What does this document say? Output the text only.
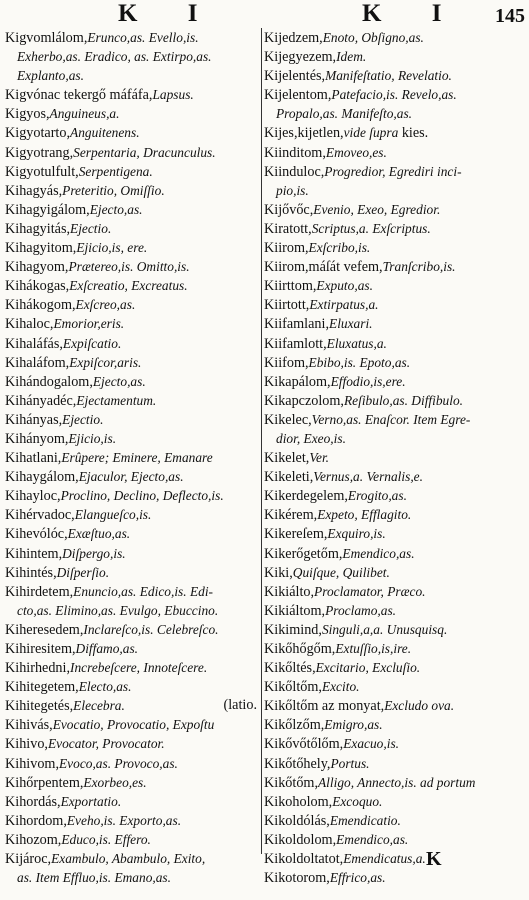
K I	K I 145
Kigvomlálom,Erunco,as. Evello,is.
Exherbo,as. Eradico, as. Extirpo,as.
Explanto,as.
Kigvónac tekergő máfáfa,Lapsus.
Kigyos,Anguineus,a.
Kigyotarto,Anguitenens.
Kigyotrang,Serpentaria, Dracunculus.
Kigyotulfult,Serpentigena.
Kihagyás,Preteritio, Omiſſio.
Kihagyigálom,Ejecto,as.
Kihagyitás,Ejectio.
Kihagyitom,Ejicio,is, ere.
Kihagyom,Prætereo,is. Omitto,is.
Kihákogas,Exſcreatio, Excreatus.
Kihákogom,Exſcreo,as.
Kihaloc,Emorior,eris.
Kihaláfás,Expiſcatio.
Kihaláfom,Expiſcor,aris.
Kihándogalom,Ejecto,as.
Kihányadéc,Ejectamentum.
Kihányas,Ejectio.
Kihányom,Ejicio,is.
Kihatlani,Erûpere; Eminere, Emanare
Kihaygálom,Ejaculor, Ejecto,as.
Kihayloc,Proclino, Declino, Deflecto,is.
Kihérvadoc,Elangueſco,is.
Kihevólóc,Exæſtuo,as.
Kihintem,Diſpergo,is.
Kihintés,Diſperſio.
Kihirdetem,Enuncio,as. Edico,is. Edi-
cto,as. Elimino,as. Evulgo, Ebuccino.
Kiheresedem,Inclareſco,is. Celebreſco.
Kihiresitem,Diffamo,as.
Kihirhedni,Increbeſcere, Innoteſcere.
Kihitegetem,Electo,as.
Kihitegetés,Elecebra.	(latio.
Kihivás,Evocatio, Provocatio, Expoſtu
Kihivo,Evocator, Provocator.
Kihivom,Evoco,as. Provoco,as.
Kihőrpentem,Exorbeo,es.
Kihordás,Exportatio.
Kihordom,Eveho,is. Exporto,as.
Kihozom,Educo,is. Effero.
Kijároc,Exambulo, Abambulo, Exito,
as. Item Effluo,is. Emano,as.
Kijedzem,Enoto, Obſigno,as.
Kijegyezem,Idem.
Kijelentés,Manifeſtatio, Revelatio.
Kijelentom,Patefacio,is. Revelo,as.
Propalo,as. Manifeſto,as.
Kijes,kijetlen,vide ſupra kies.
Kiinditom,Emoveo,es.
Kiinduloc,Progredior, Egrediri inci-
pio,is.
Kijővőc,Evenio, Exeo, Egredior.
Kiratott,Scriptus,a. Exſcriptus.
Kiirom,Exſcribo,is.
Kiirom,máſát vefem,Tranſcribo,is.
Kiirttom,Exputo,as.
Kiirtott,Extirpatus,a.
Kiifamlani,Eluxari.
Kiifamlott,Eluxatus,a.
Kiifom,Ebibo,is. Epoto,as.
Kikapálom,Effodio,is,ere.
Kikapczolom,Reſibulo,as. Diffibulo.
Kikelec,Verno,as. Enaſcor. Item Egre-
dior, Exeo,is.
Kikelet,Ver.
Kikeleti,Vernus,a. Vernalis,e.
Kikerdegelem,Erogito,as.
Kikérem,Expeto, Efflagito.
Kikereſem,Exquiro,is.
Kikerőgetőm,Emendico,as.
Kiki,Quiſque, Quilibet.
Kikiálto,Proclamator, Præco.
Kikiáltom,Proclamo,as.
Kikimind,Singuli,a,a. Unusquisq.
Kikőhőgőm,Extuſſio,is,ire.
Kikőltés,Excitario, Excluſio.
Kikőltőm,Excito.
Kikőltőm az monyat,Excludo ova.
Kikőlzőm,Emigro,as.
Kikővőtőlőm,Exacuo,is.
Kikőtőhely,Portus.
Kikőtőm,Alligo, Annecto,is. ad portum
Kikoholom,Excoquo.
Kikoldólás,Emendicatio.
Kikoldolom,Emendico,as.
Kikoldoltatot,Emendicatus,a.
Kikotorom,Effrico,as.
K
